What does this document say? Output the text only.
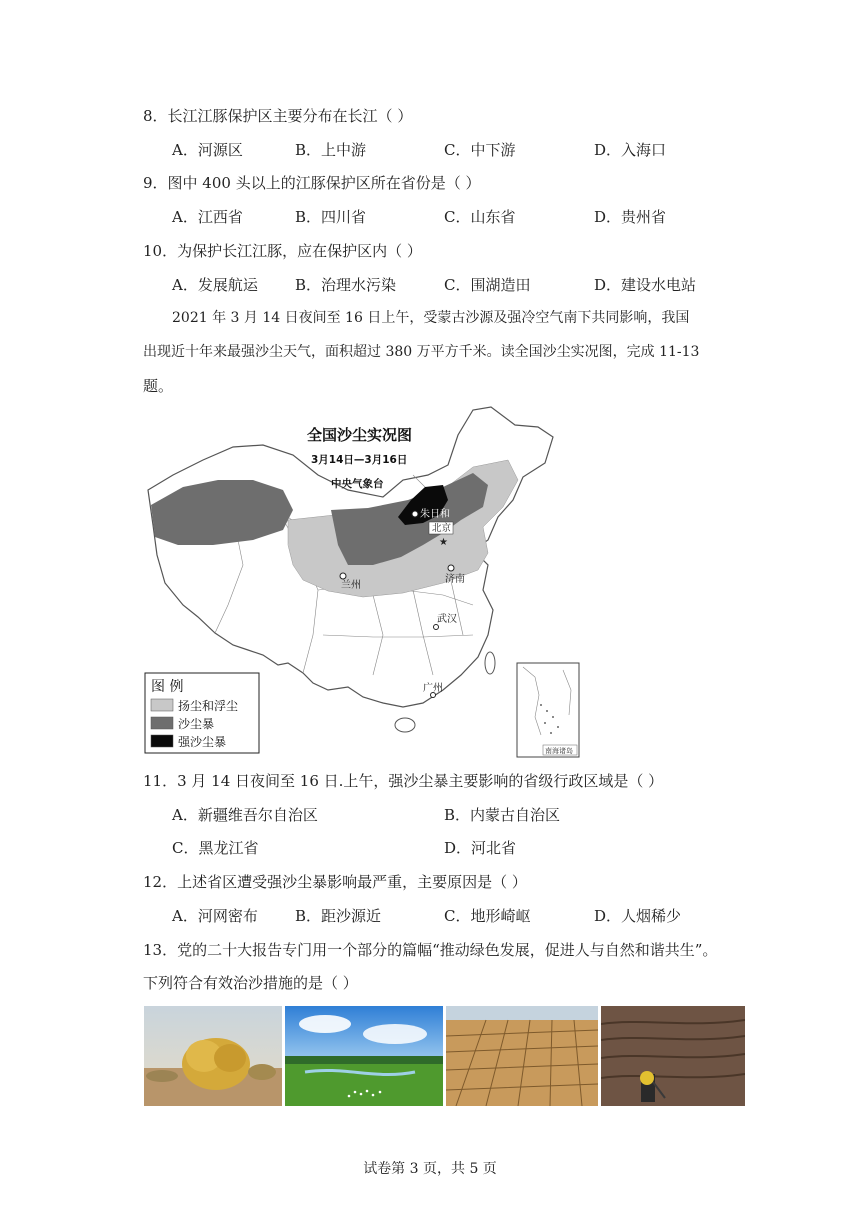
8．长江江豚保护区主要分布在长江（ ）
A．河源区	B．上中游	C．中下游	D．入海口
9．图中 400 头以上的江豚保护区所在省份是（ ）
A．江西省	B．四川省	C．山东省	D．贵州省
10．为保护长江江豚，应在保护区内（ ）
A．发展航运 B．治理水污染	C．围湖造田	D．建设水电站
2021 年 3 月 14 日夜间至 16 日上午，受蒙古沙源及强冷空气南下共同影响，我国
出现近十年来最强沙尘天气，面积超过 380 万平方千米。读全国沙尘实况图，完成 11-13
题。
朱日和
北京
★
兰州
济南
武汉
广州
全国沙尘实况图
3月14日—3月16日
中央气象台
南海诸岛
图 例
扬尘和浮尘
沙尘暴
强沙尘暴
11．3 月 14 日夜间至 16 日.上午，强沙尘暴主要影响的省级行政区域是（ ）
A．新疆维吾尔自治区	B．内蒙古自治区
C．黑龙江省	D．河北省
12．上述省区遭受强沙尘暴影响最严重，主要原因是（ ）
A．河网密布 B．距沙源近	C．地形崎岖	D．人烟稀少
13．党的二十大报告专门用一个部分的篇幅“推动绿色发展，促进人与自然和谐共生”。
下列符合有效治沙措施的是（ ）
试卷第 3 页，共 5 页
